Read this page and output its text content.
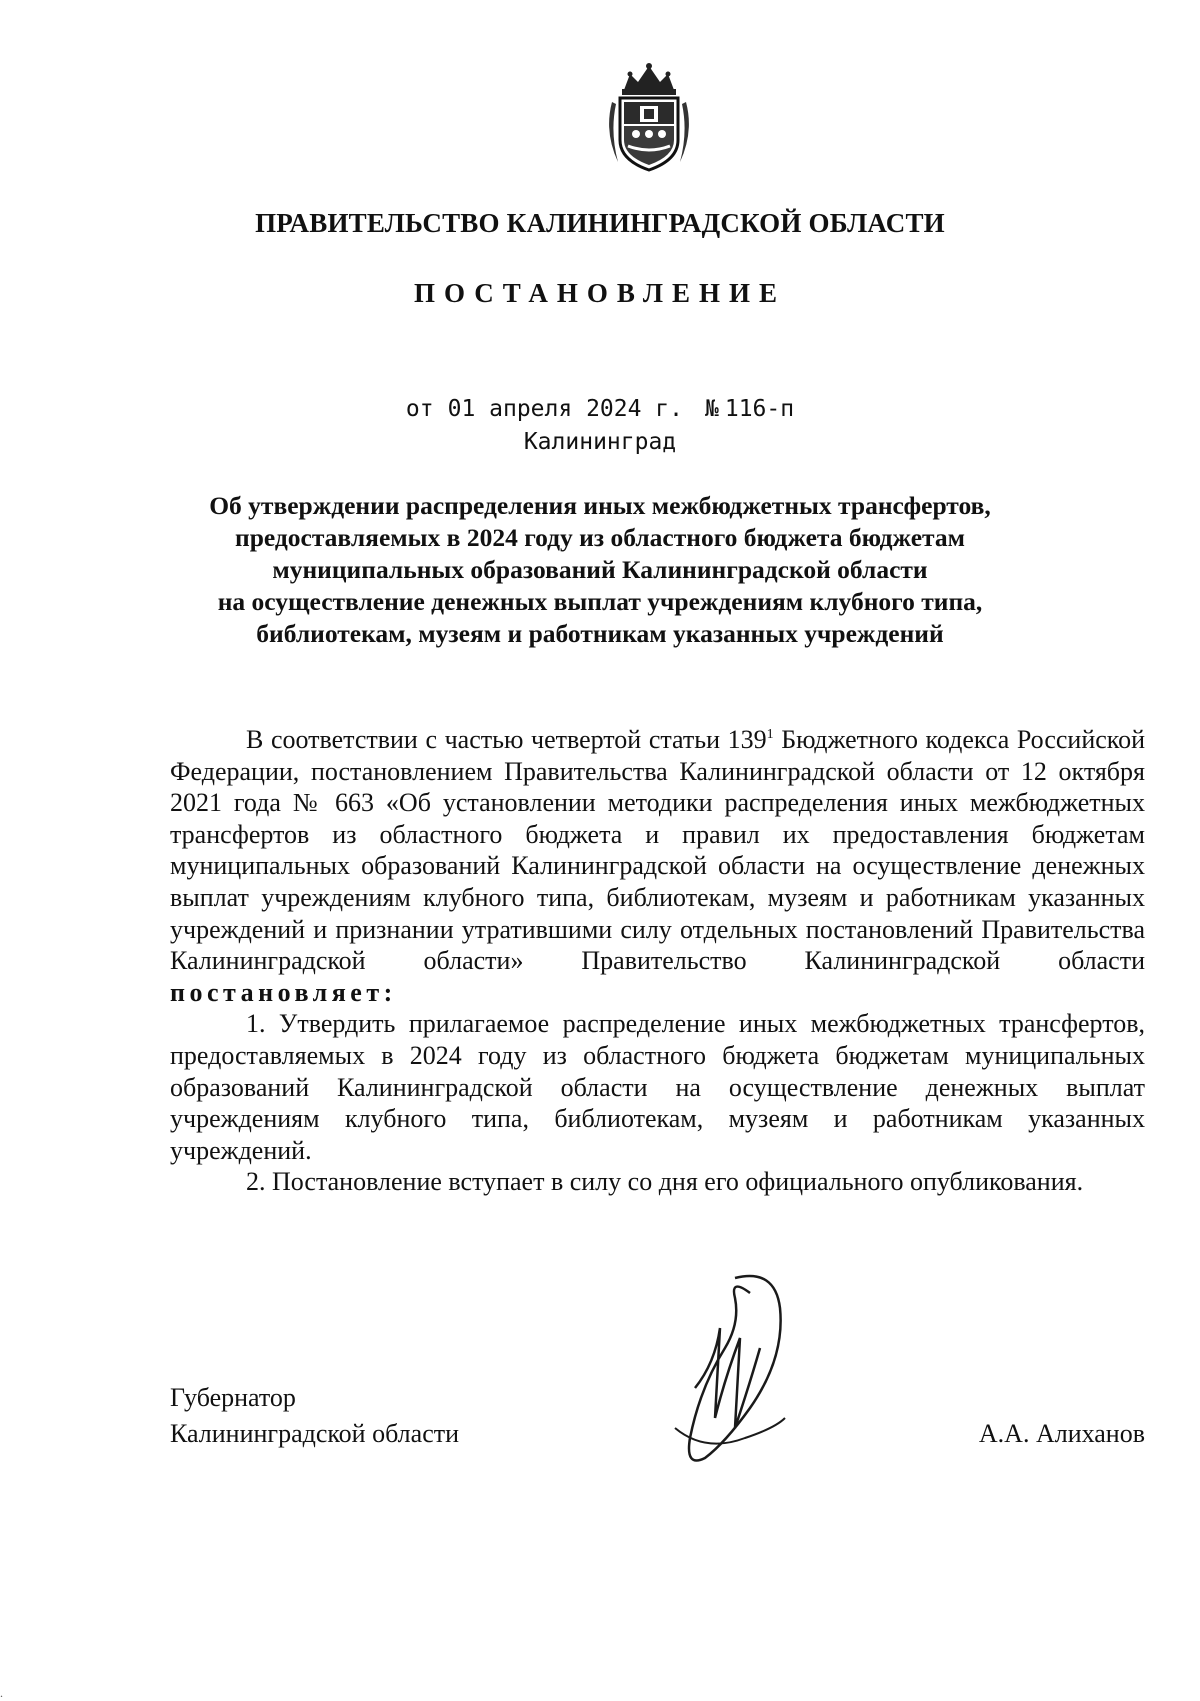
ПРАВИТЕЛЬСТВО КАЛИНИНГРАДСКОЙ ОБЛАСТИ
ПОСТАНОВЛЕНИЕ
от 01 апреля 2024 г. № 116-п
Калининград
Об утверждении распределения иных межбюджетных трансфертов,
предоставляемых в 2024 году из областного бюджета бюджетам
муниципальных образований Калининградской области
на осуществление денежных выплат учреждениям клубного типа,
библиотекам, музеям и работникам указанных учреждений

В соответствии с частью четвертой статьи $139^1$ Бюджетного кодекса Российской Федерации, постановлением Правительства Калининградской области от 12 октября 2021 года № 663 «Об установлении методики распределения иных межбюджетных трансфертов из областного бюджета и правил их предоставления бюджетам муниципальных образований Калининградской области на осуществление денежных выплат учреждениям клубного типа, библиотекам, музеям и работникам указанных учреждений и признании утратившими силу отдельных постановлений Правительства Калининградской области» Правительство Калининградской области постановляет:

1. Утвердить прилагаемое распределение иных межбюджетных трансфертов, предоставляемых в 2024 году из областного бюджета бюджетам муниципальных образований Калининградской области на осуществление денежных выплат учреждениям клубного типа, библиотекам, музеям и работникам указанных учреждений.

2. Постановление вступает в силу со дня его официального опубликования.

Губернатор
Калининградской области	А.А. Алиханов
.
